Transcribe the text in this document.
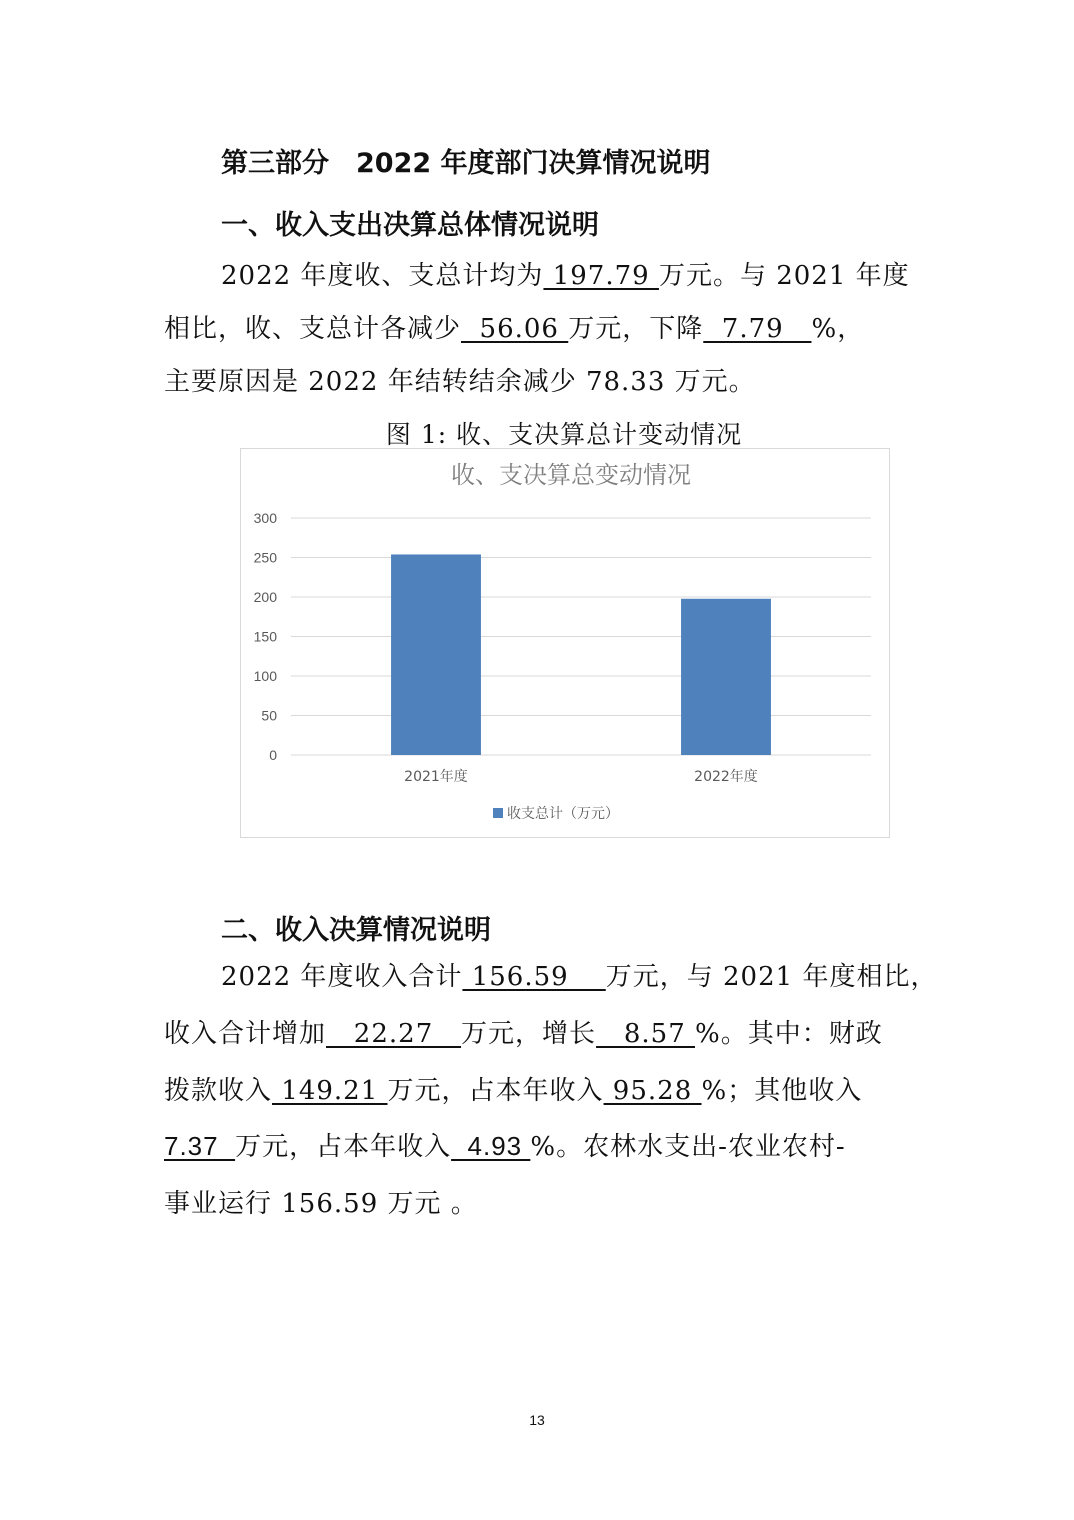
第三部分　2022 年度部门决算情况说明
一、收入支出决算总体情况说明
2022 年度收、支总计均为 197.79 万元。与 2021 年度
相比，收、支总计各减少  56.06 万元，下降  7.79   %，
主要原因是 2022 年结转结余减少 78.33 万元。
图 1: 收、支决算总计变动情况
收、支决算总变动情况
0
50
100
150
200
250
300
2021年度	2022年度
收支总计（万元）
二、收入决算情况说明
2022 年度收入合计 156.59    万元，与 2021 年度相比，
收入合计增加   22.27   万元，增长   8.57 %。其中：财政
拨款收入 149.21 万元，占本年收入 95.28 %；其他收入
7.37  万元，占本年收入  4.93 %。农林水支出-农业农村-
事业运行 156.59 万元 。
13
